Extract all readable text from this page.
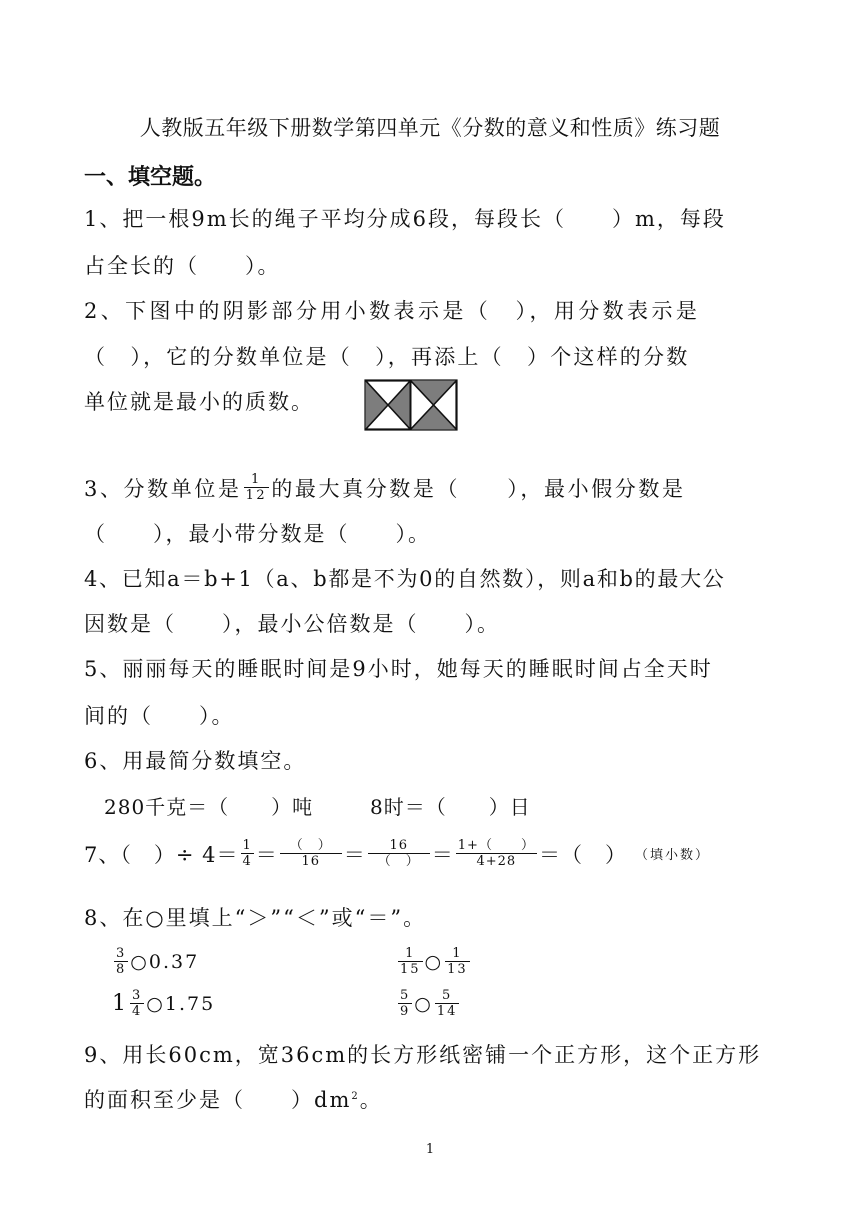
人教版五年级下册数学第四单元《分数的意义和性质》练习题
一、填空题。
1、把一根9m长的绳子平均分成6段，每段长（　　）m，每段
占全长的（　　）。
2、下图中的阴影部分用小数表示是（　），用分数表示是
（　），它的分数单位是（　），再添上（　）个这样的分数
单位就是最小的质数。
3、分数单位是 $\frac{1}{12}$ 的最大真分数是（　　），最小假分数是
（　　），最小带分数是（　　）。
4、已知a＝b+1（a、b都是不为0的自然数），则a和b的最大公
因数是（　　），最小公倍数是（　　）。
5、丽丽每天的睡眠时间是9小时，她每天的睡眠时间占全天时
间的（　　）。
6、用最简分数填空。
280千克＝（　　）吨	8时＝（　　）日
7、（　）÷ $4= \frac{1}{4} = \frac{( )}{16} = \frac{16}{( )} = \frac{1+( )}{4+28}$ ＝（　） （填小数）
8、在○里填上“＞”“＜”或“＝”。
$\frac{3}{8}$ ○0.37	$\frac{1}{15}$ ○ $\frac{1}{13}$
$1 \frac{3}{4}$ ○1.75	$\frac{5}{9}$ ○ $\frac{5}{14}$
9、用长60cm，宽36cm的长方形纸密铺一个正方形，这个正方形
的面积至少是（　　）$dm^2$。
1
